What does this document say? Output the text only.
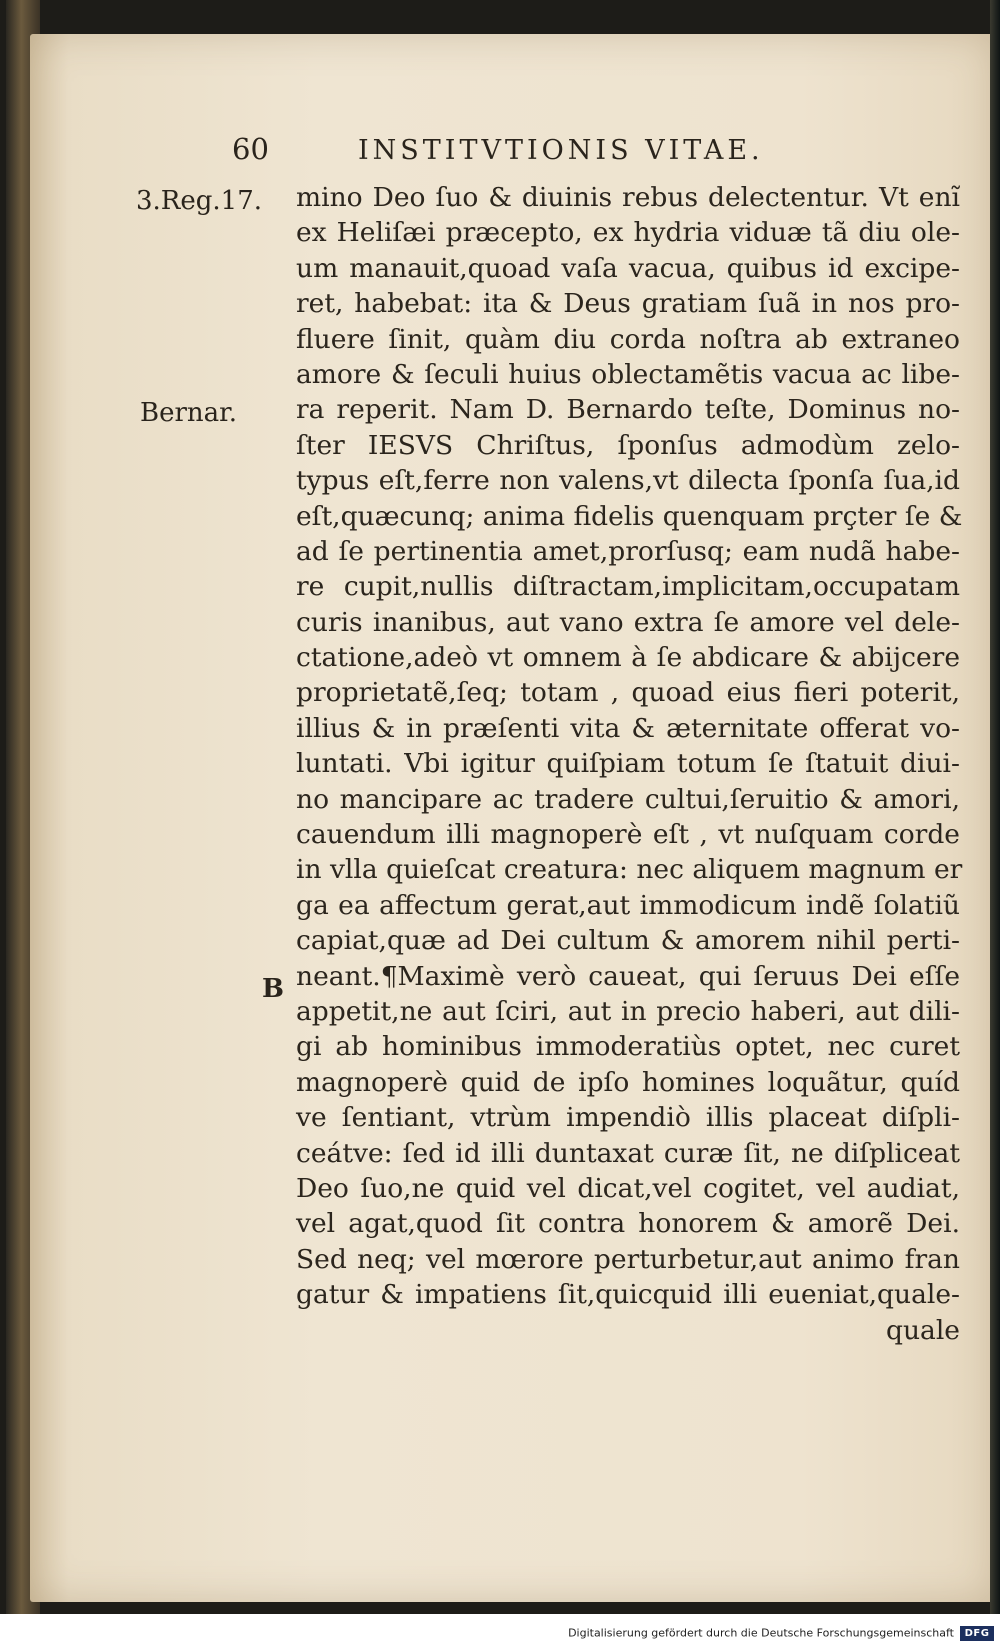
60	INSTITVTIONIS VITAE.
3.Reg.17.
Bernar.
B
mino Deo ſuo & diuinis rebus delectentur. Vt enĩ
ex Heliſæi præcepto, ex hydria viduæ tã diu ole-
um manauit,quoad vaſa vacua, quibus id excipe-
ret, habebat: ita & Deus gratiam ſuã in nos pro-
fluere ſinit, quàm diu corda noſtra ab extraneo
amore & ſeculi huius oblectamẽtis vacua ac libe-
ra reperit. Nam D. Bernardo teſte, Dominus no-
ſter IESVS Chriſtus, ſponſus admodùm zelo-
typus eſt,ferre non valens,vt dilecta ſponſa ſua,id
eſt,quæcunq; anima fidelis quenquam prçter ſe &
ad ſe pertinentia amet,prorſusq; eam nudã habe-
re cupit,nullis diſtractam,implicitam,occupatam
curis inanibus, aut vano extra ſe amore vel dele-
ctatione,adeò vt omnem à ſe abdicare & abijcere
proprietatẽ,ſeq; totam , quoad eius fieri poterit,
illius & in præſenti vita & æternitate offerat vo-
luntati. Vbi igitur quiſpiam totum ſe ſtatuit diui-
no mancipare ac tradere cultui,ſeruitio & amori,
cauendum illi magnoperè eſt , vt nuſquam corde
in vlla quieſcat creatura: nec aliquem magnum er
ga ea affectum gerat,aut immodicum indẽ ſolatiũ
capiat,quæ ad Dei cultum & amorem nihil perti-
neant.¶Maximè verò caueat, qui ſeruus Dei eſſe
appetit,ne aut ſciri, aut in precio haberi, aut dili-
gi ab hominibus immoderatiùs optet, nec curet
magnoperè quid de ipſo homines loquãtur, quíd
ve ſentiant, vtrùm impendiò illis placeat diſpli-
ceátve: ſed id illi duntaxat curæ ſit, ne diſpliceat
Deo ſuo,ne quid vel dicat,vel cogitet, vel audiat,
vel agat,quod ſit contra honorem & amorẽ Dei.
Sed neq; vel mœrore perturbetur,aut animo fran
gatur & impatiens ſit,quicquid illi eueniat,quale-
quale
Digitalisierung gefördert durch die Deutsche Forschungsgemeinschaft	DFG
